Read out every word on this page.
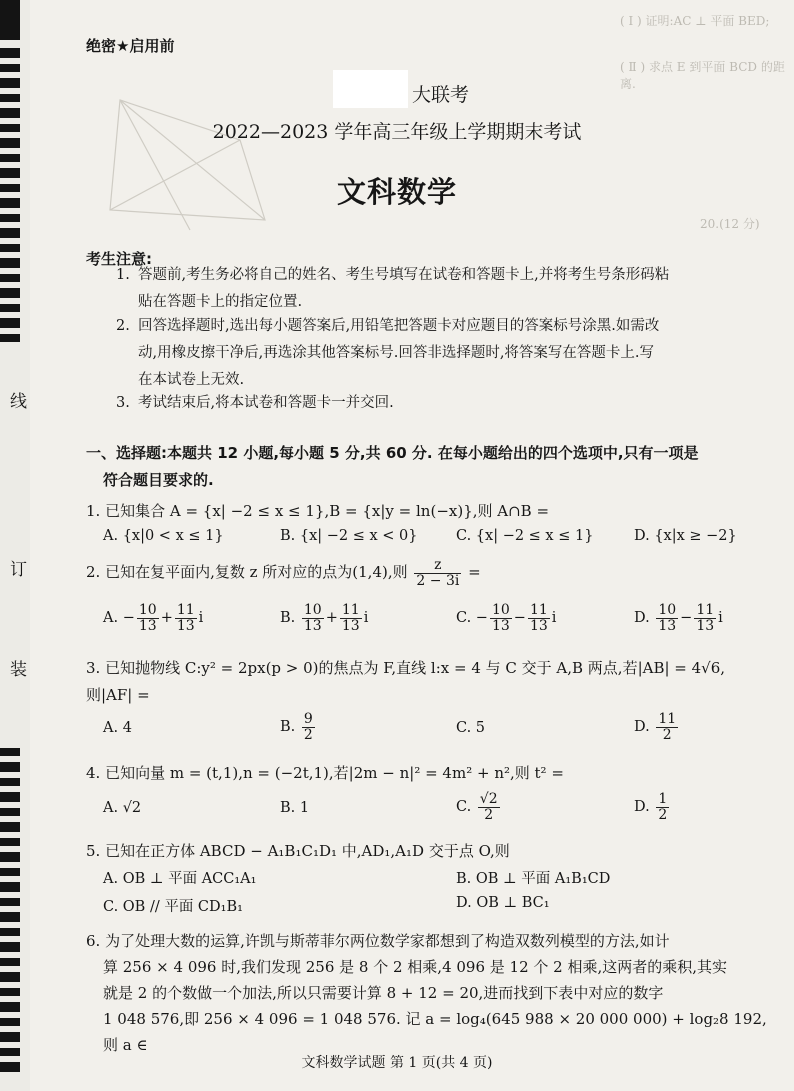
线
订
装
( Ⅰ ) 证明:AC ⊥ 平面 BED;
( Ⅱ ) 求点 E 到平面 BCD 的距离.
20.(12 分)
绝密★启用前
大联考
2022—2023 学年高三年级上学期期末考试
文科数学
考生注意:
1. 答题前,考生务必将自己的姓名、考生号填写在试卷和答题卡上,并将考生号条形码粘
贴在答题卡上的指定位置.
2. 回答选择题时,选出每小题答案后,用铅笔把答题卡对应题目的答案标号涂黑.如需改
动,用橡皮擦干净后,再选涂其他答案标号.回答非选择题时,将答案写在答题卡上.写
在本试卷上无效.
3. 考试结束后,将本试卷和答题卡一并交回.
一、选择题:本题共 12 小题,每小题 5 分,共 60 分. 在每小题给出的四个选项中,只有一项是
符合题目要求的.
1. 已知集合 A = {x| −2 ≤ x ≤ 1},B = {x|y = ln(−x)},则 A∩B =
A. {x|0 < x ≤ 1}	B. {x| −2 ≤ x < 0}	C. {x| −2 ≤ x ≤ 1}	D. {x|x ≥ −2}
2. 已知在复平面内,复数 z 所对应的点为(1,4),则 $\frac{z}{2 - 3i}$ =
A. − $\frac{10}{13} + \frac{11}{13}$ i	B. $\frac{10}{13} + \frac{11}{13}$ i	C. − $\frac{10}{13} - \frac{11}{13}$ i	D. $\frac{10}{13} - \frac{11}{13}$ i
3. 已知抛物线 C:y² = 2px(p > 0)的焦点为 F,直线 l:x = 4 与 C 交于 A,B 两点,若|AB| = 4√6,
则|AF| =
A. 4	B. $\frac{9}{2}$	C. 5	D. $\frac{11}{2}$
4. 已知向量 m = (t,1),n = (−2t,1),若|2m − n|² = 4m² + n²,则 t² =
A. √2	B. 1	C. $\frac{√2}{2}$	D. $\frac{1}{2}$
5. 已知在正方体 ABCD − A₁B₁C₁D₁ 中,AD₁,A₁D 交于点 O,则
A. OB ⊥ 平面 ACC₁A₁	B. OB ⊥ 平面 A₁B₁CD
C. OB // 平面 CD₁B₁	D. OB ⊥ BC₁
6. 为了处理大数的运算,许凯与斯蒂菲尔两位数学家都想到了构造双数列模型的方法,如计
算 256 × 4 096 时,我们发现 256 是 8 个 2 相乘,4 096 是 12 个 2 相乘,这两者的乘积,其实
就是 2 的个数做一个加法,所以只需要计算 8 + 12 = 20,进而找到下表中对应的数字
1 048 576,即 256 × 4 096 = 1 048 576. 记 a = log₄(645 988 × 20 000 000) + log₂8 192,则 a ∈
文科数学试题 第 1 页(共 4 页)
